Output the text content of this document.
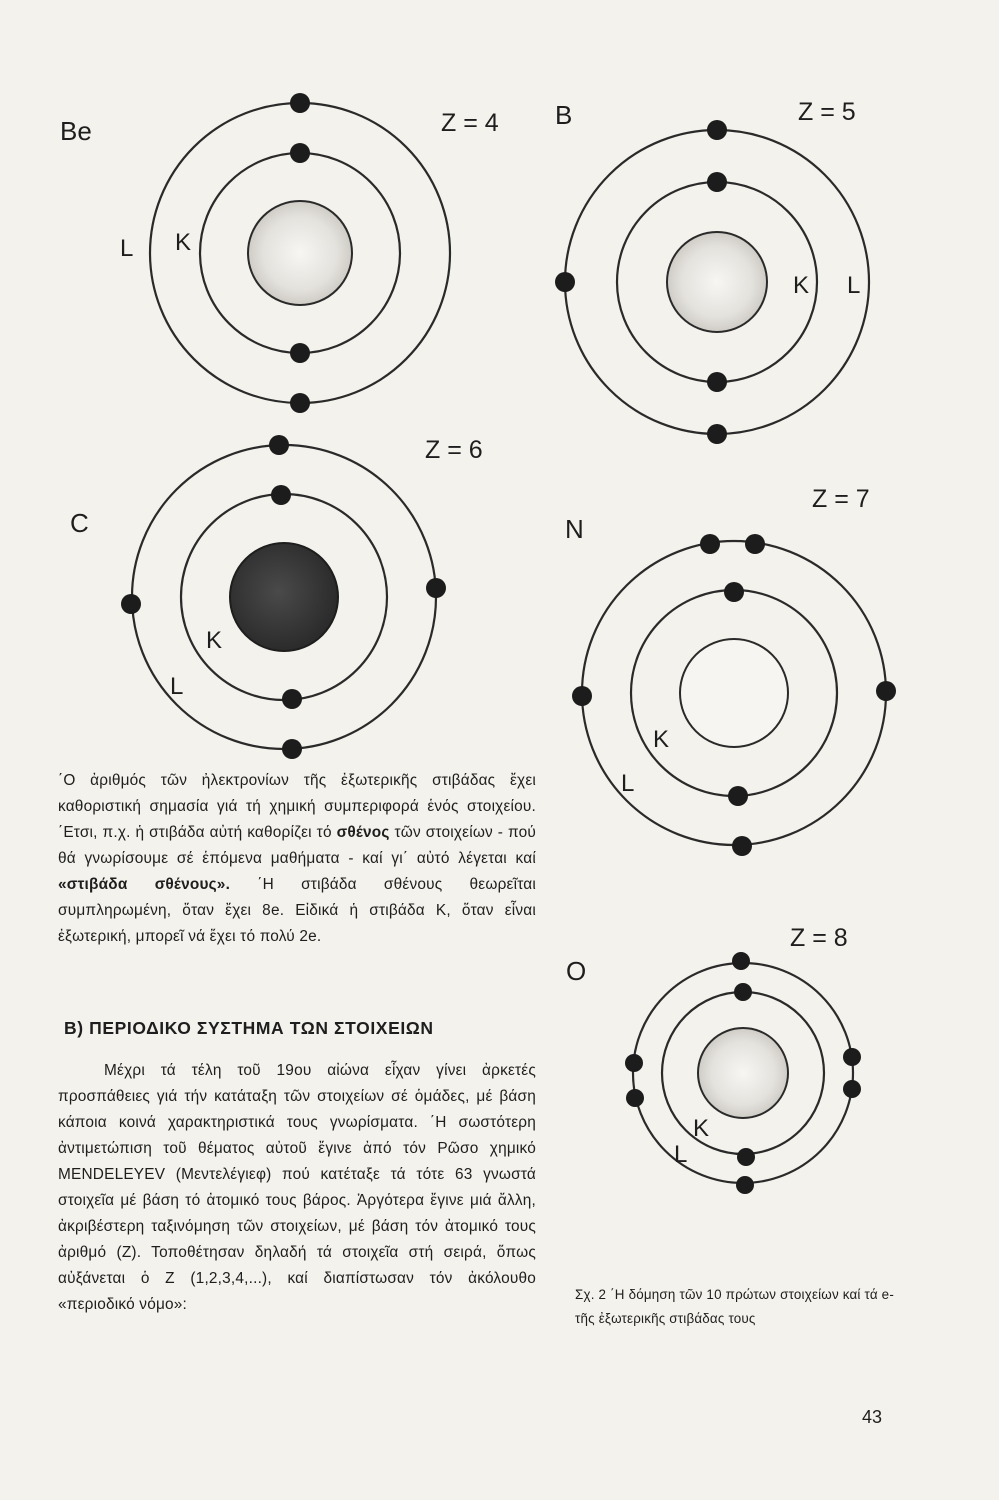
Be	Z = 4
L K
B	Z = 5
K L
C
Z = 6
K
L
N
Z = 7
K
L
O
Z = 8
K
L

΄Ο ἀριθμός τῶν ἠλεκτρονίων τῆς ἐξωτερικῆς στιβάδας ἔχει καθοριστική σημασία γιά τή χημική συμπεριφορά ἑνός στοιχείου. ΄Ετσι, π.χ. ἡ στιβάδα αὐτή καθορίζει τό σθένος τῶν στοιχείων - πού θά γνωρίσουμε σέ ἑπόμενα μαθήματα - καί γι΄ αὐτό λέγεται καί «στιβάδα σθένους». ΄Η στιβάδα σθένους θεωρεῖται συμπληρωμένη, ὅταν ἔχει 8e. Εἰδικά ἡ στιβάδα K, ὅταν εἶναι ἐξωτερική, μπορεῖ νά ἔχει τό πολύ 2e.

B) ΠΕΡΙΟΔΙΚΟ ΣΥΣΤΗΜΑ ΤΩΝ ΣΤΟΙΧΕΙΩΝ

Μέχρι τά τέλη τοῦ 19ου αἰώνα εἶχαν γίνει ἀρκετές προσπάθειες γιά τήν κατάταξη τῶν στοιχείων σέ ὁμάδες, μέ βάση κάποια κοινά χαρακτηριστικά τους γνωρίσματα. ΄Η σωστότερη ἀντιμετώπιση τοῦ θέματος αὐτοῦ ἔγινε ἀπό τόν Ρῶσο χημικό MENDELEYEV (Μεντελέγιεφ) πού κατέταξε τά τότε 63 γνωστά στοιχεῖα μέ βάση τό ἀτομικό τους βάρος. Ἀργότερα ἔγινε μιά ἄλλη, ἀκριβέστερη ταξινόμηση τῶν στοιχείων, μέ βάση τόν ἀτομικό τους ἀριθμό (Z). Τοποθέτησαν δηλαδή τά στοιχεῖα στή σειρά, ὅπως αὐξάνεται ὁ Z (1,2,3,4,...), καί διαπίστωσαν τόν ἀκόλουθο «περιοδικό νόμο»:

Σχ. 2 ΄Η δόμηση τῶν 10 πρώτων στοιχείων καί τά e- τῆς ἐξωτερικῆς στιβάδας τους
43
